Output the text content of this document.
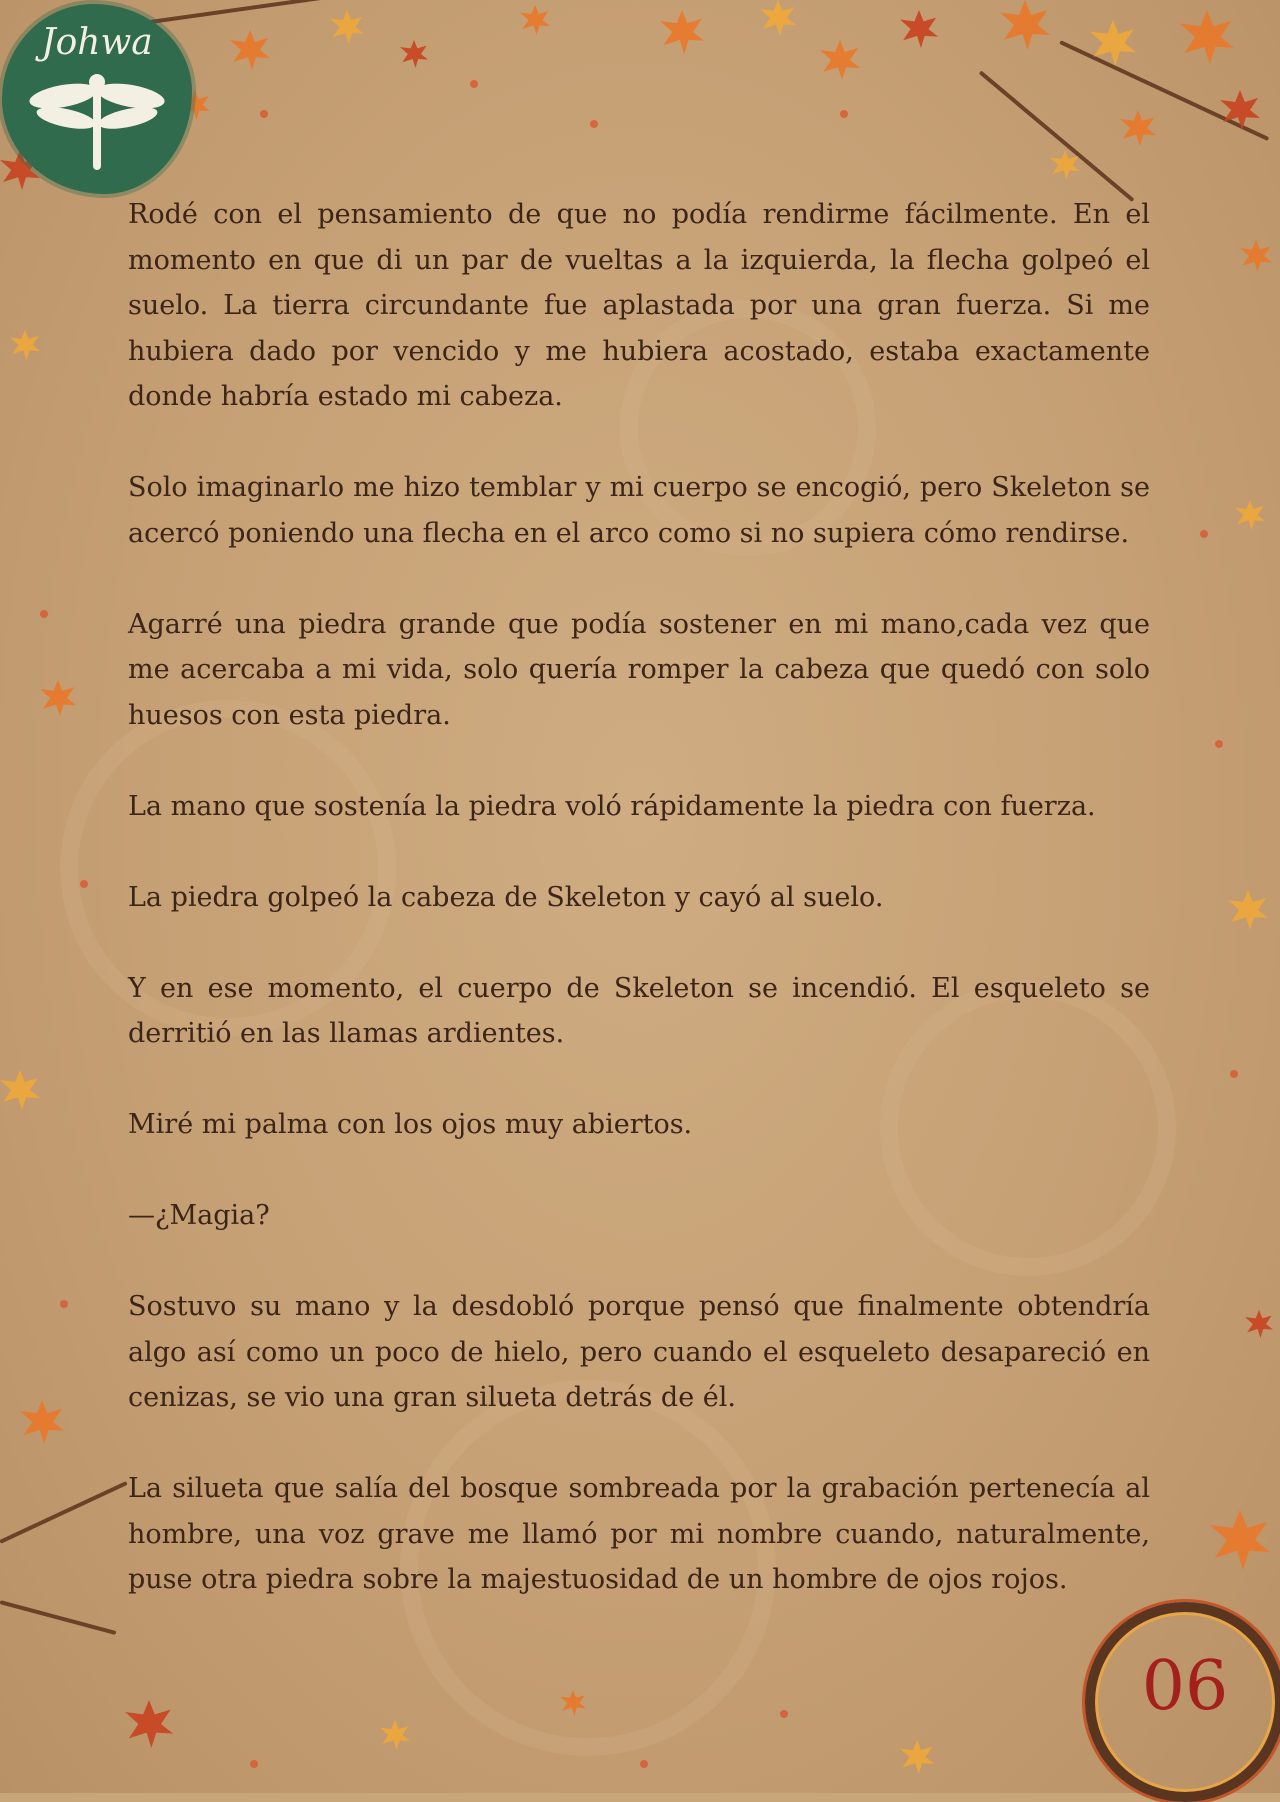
Johwa

Rodé con el pensamiento de que no podía rendirme fácilmente. En el momento en que di un par de vueltas a la izquierda, la flecha golpeó el suelo. La tierra circundante fue aplastada por una gran fuerza. Si me hubiera dado por vencido y me hubiera acostado, estaba exactamente donde habría estado mi cabeza.

Solo imaginarlo me hizo temblar y mi cuerpo se encogió, pero Skeleton se acercó poniendo una flecha en el arco como si no supiera cómo rendirse.

Agarré una piedra grande que podía sostener en mi mano,cada vez que me acercaba a mi vida, solo quería romper la cabeza que quedó con solo huesos con esta piedra.

La mano que sostenía la piedra voló rápidamente la piedra con fuerza.

La piedra golpeó la cabeza de Skeleton y cayó al suelo.

Y en ese momento, el cuerpo de Skeleton se incendió. El esqueleto se derritió en las llamas ardientes.

Miré mi palma con los ojos muy abiertos.

—¿Magia?

Sostuvo su mano y la desdobló porque pensó que finalmente obtendría algo así como un poco de hielo, pero cuando el esqueleto desapareció en cenizas, se vio una gran silueta detrás de él.

La silueta que salía del bosque sombreada por la grabación pertenecía al hombre, una voz grave me llamó por mi nombre cuando, naturalmente, puse otra piedra sobre la majestuosidad de un hombre de ojos rojos.

06
